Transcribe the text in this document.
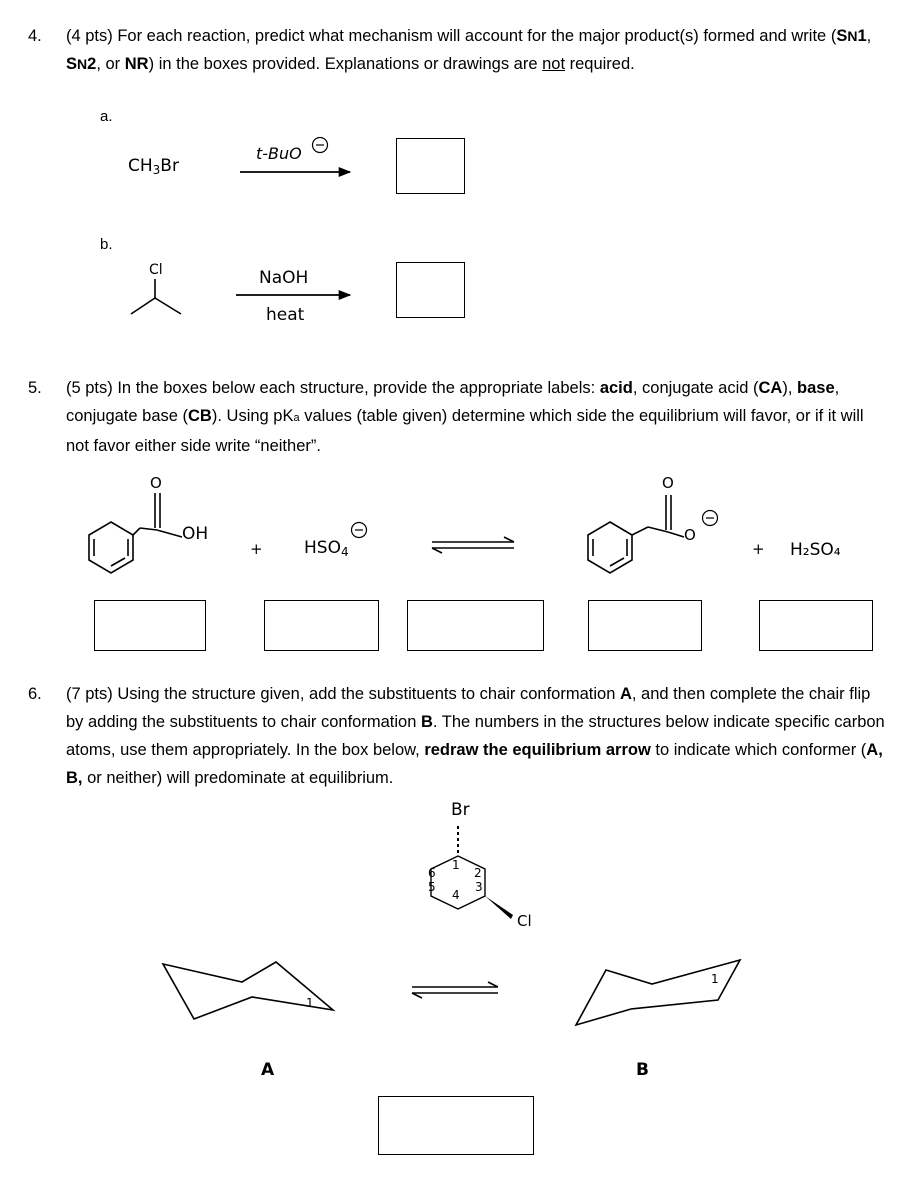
4. (4 pts) For each reaction, predict what mechanism will account for the major product(s) formed and write (SN1, SN2, or NR) in the boxes provided. Explanations or drawings are not required.

a.
CH3Br
t-BuO
b.
Cl	NaOH
heat
5. (5 pts) In the boxes below each structure, provide the appropriate labels: acid, conjugate acid (CA), base, conjugate base (CB). Using pKa values (table given) determine which side the equilibrium will favor, or if it will not favor either side write “neither”.

O
OH
+ HSO4
O
O
+ H₂SO₄
6. (7 pts) Using the structure given, add the substituents to chair conformation A, and then complete the chair flip by adding the substituents to chair conformation B. The numbers in the structures below indicate specific carbon atoms, use them appropriately. In the box below, redraw the equilibrium arrow to indicate which conformer (A, B, or neither) will predominate at equilibrium.

Br
Cl
6
1
2
3
4
5
1
1
A	B
